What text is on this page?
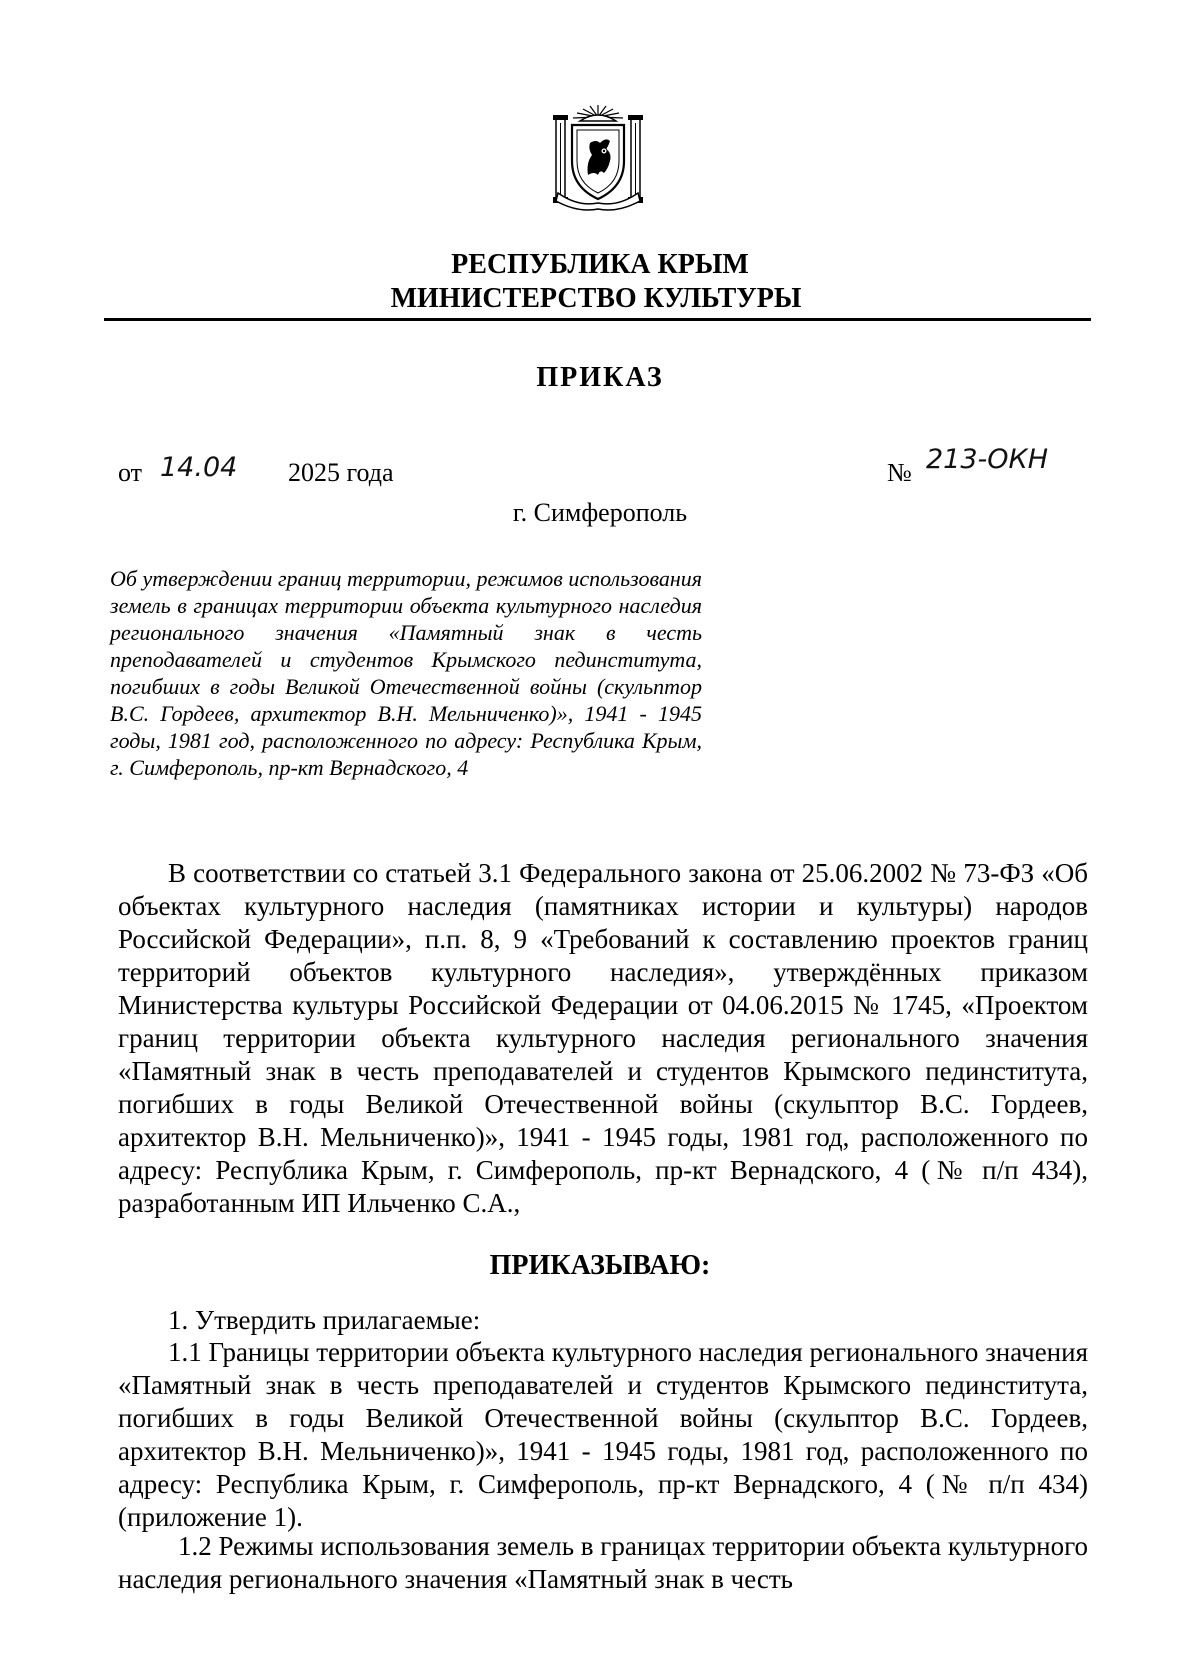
РЕСПУБЛИКА КРЫМ
МИНИСТЕРСТВО КУЛЬТУРЫ
ПРИКАЗ
от 14.04 2025 года	№ 213-ОКН
г. Симферополь
Об утверждении границ территории, режимов использования земель в границах территории объекта культурного наследия регионального значения «Памятный знак в честь преподавателей и студентов Крымского пединститута, погибших в годы Великой Отечественной войны (скульптор В.С. Гордеев, архитектор В.Н. Мельниченко)», 1941 - 1945 годы, 1981 год, расположенного по адресу: Республика Крым, г. Симферополь, пр-кт Вернадского, 4
В соответствии со статьей 3.1 Федерального закона от 25.06.2002 № 73-ФЗ «Об объектах культурного наследия (памятниках истории и культуры) народов Российской Федерации», п.п. 8, 9 «Требований к составлению проектов границ территорий объектов культурного наследия», утверждённых приказом Министерства культуры Российской Федерации от 04.06.2015 № 1745, «Проектом границ территории объекта культурного наследия регионального значения «Памятный знак в честь преподавателей и студентов Крымского пединститута, погибших в годы Великой Отечественной войны (скульптор В.С. Гордеев, архитектор В.Н. Мельниченко)», 1941 - 1945 годы, 1981 год, расположенного по адресу: Республика Крым, г. Симферополь, пр-кт Вернадского, 4 (№ п/п 434), разработанным ИП Ильченко С.А.,
ПРИКАЗЫВАЮ:
1. Утвердить прилагаемые:
1.1 Границы территории объекта культурного наследия регионального значения «Памятный знак в честь преподавателей и студентов Крымского пединститута, погибших в годы Великой Отечественной войны (скульптор В.С. Гордеев, архитектор В.Н. Мельниченко)», 1941 - 1945 годы, 1981 год, расположенного по адресу: Республика Крым, г. Симферополь, пр-кт Вернадского, 4 (№ п/п 434) (приложение 1).
1.2 Режимы использования земель в границах территории объекта культурного наследия регионального значения «Памятный знак в честь
